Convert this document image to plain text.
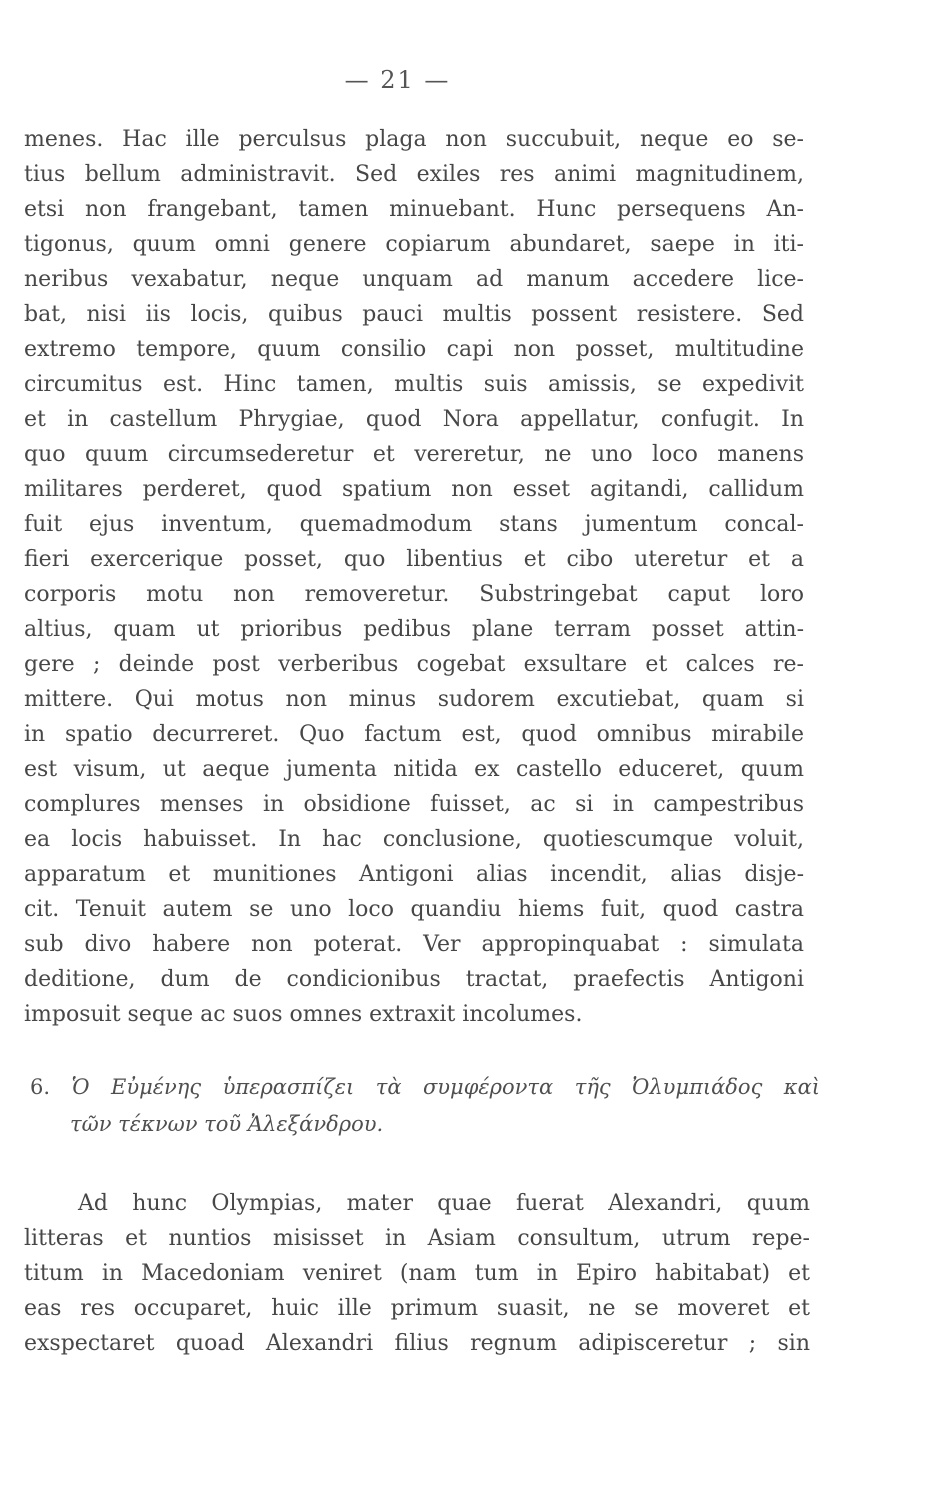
— 21 —
menes. Hac ille perculsus plaga non succubuit, neque eo se-
tius bellum administravit. Sed exiles res animi magnitudinem,
etsi non frangebant, tamen minuebant. Hunc persequens An-
tigonus, quum omni genere copiarum abundaret, saepe in iti-
neribus vexabatur, neque unquam ad manum accedere lice-
bat, nisi iis locis, quibus pauci multis possent resistere. Sed
extremo tempore, quum consilio capi non posset, multitudine
circumitus est. Hinc tamen, multis suis amissis, se expedivit
et in castellum Phrygiae, quod Nora appellatur, confugit. In
quo quum circumsederetur et vereretur, ne uno loco manens
militares perderet, quod spatium non esset agitandi, callidum
fuit ejus inventum, quemadmodum stans jumentum concal-
fieri exercerique posset, quo libentius et cibo uteretur et a
corporis motu non removeretur. Substringebat caput loro
altius, quam ut prioribus pedibus plane terram posset attin-
gere ; deinde post verberibus cogebat exsultare et calces re-
mittere. Qui motus non minus sudorem excutiebat, quam si
in spatio decurreret. Quo factum est, quod omnibus mirabile
est visum, ut aeque jumenta nitida ex castello educeret, quum
complures menses in obsidione fuisset, ac si in campestribus
ea locis habuisset. In hac conclusione, quotiescumque voluit,
apparatum et munitiones Antigoni alias incendit, alias disje-
cit. Tenuit autem se uno loco quandiu hiems fuit, quod castra
sub divo habere non poterat. Ver appropinquabat : simulata
deditione, dum de condicionibus tractat, praefectis Antigoni
imposuit seque ac suos omnes extraxit incolumes.
6. Ὁ Εὐμένης ὑπερασπίζει τὰ συμφέροντα τῆς Ὀλυμπιάδος καὶ
τῶν τέκνων τοῦ Ἀλεξάνδρου.
Ad hunc Olympias, mater quae fuerat Alexandri, quum
litteras et nuntios misisset in Asiam consultum, utrum repe-
titum in Macedoniam veniret (nam tum in Epiro habitabat) et
eas res occuparet, huic ille primum suasit, ne se moveret et
exspectaret quoad Alexandri filius regnum adipisceretur ; sin
